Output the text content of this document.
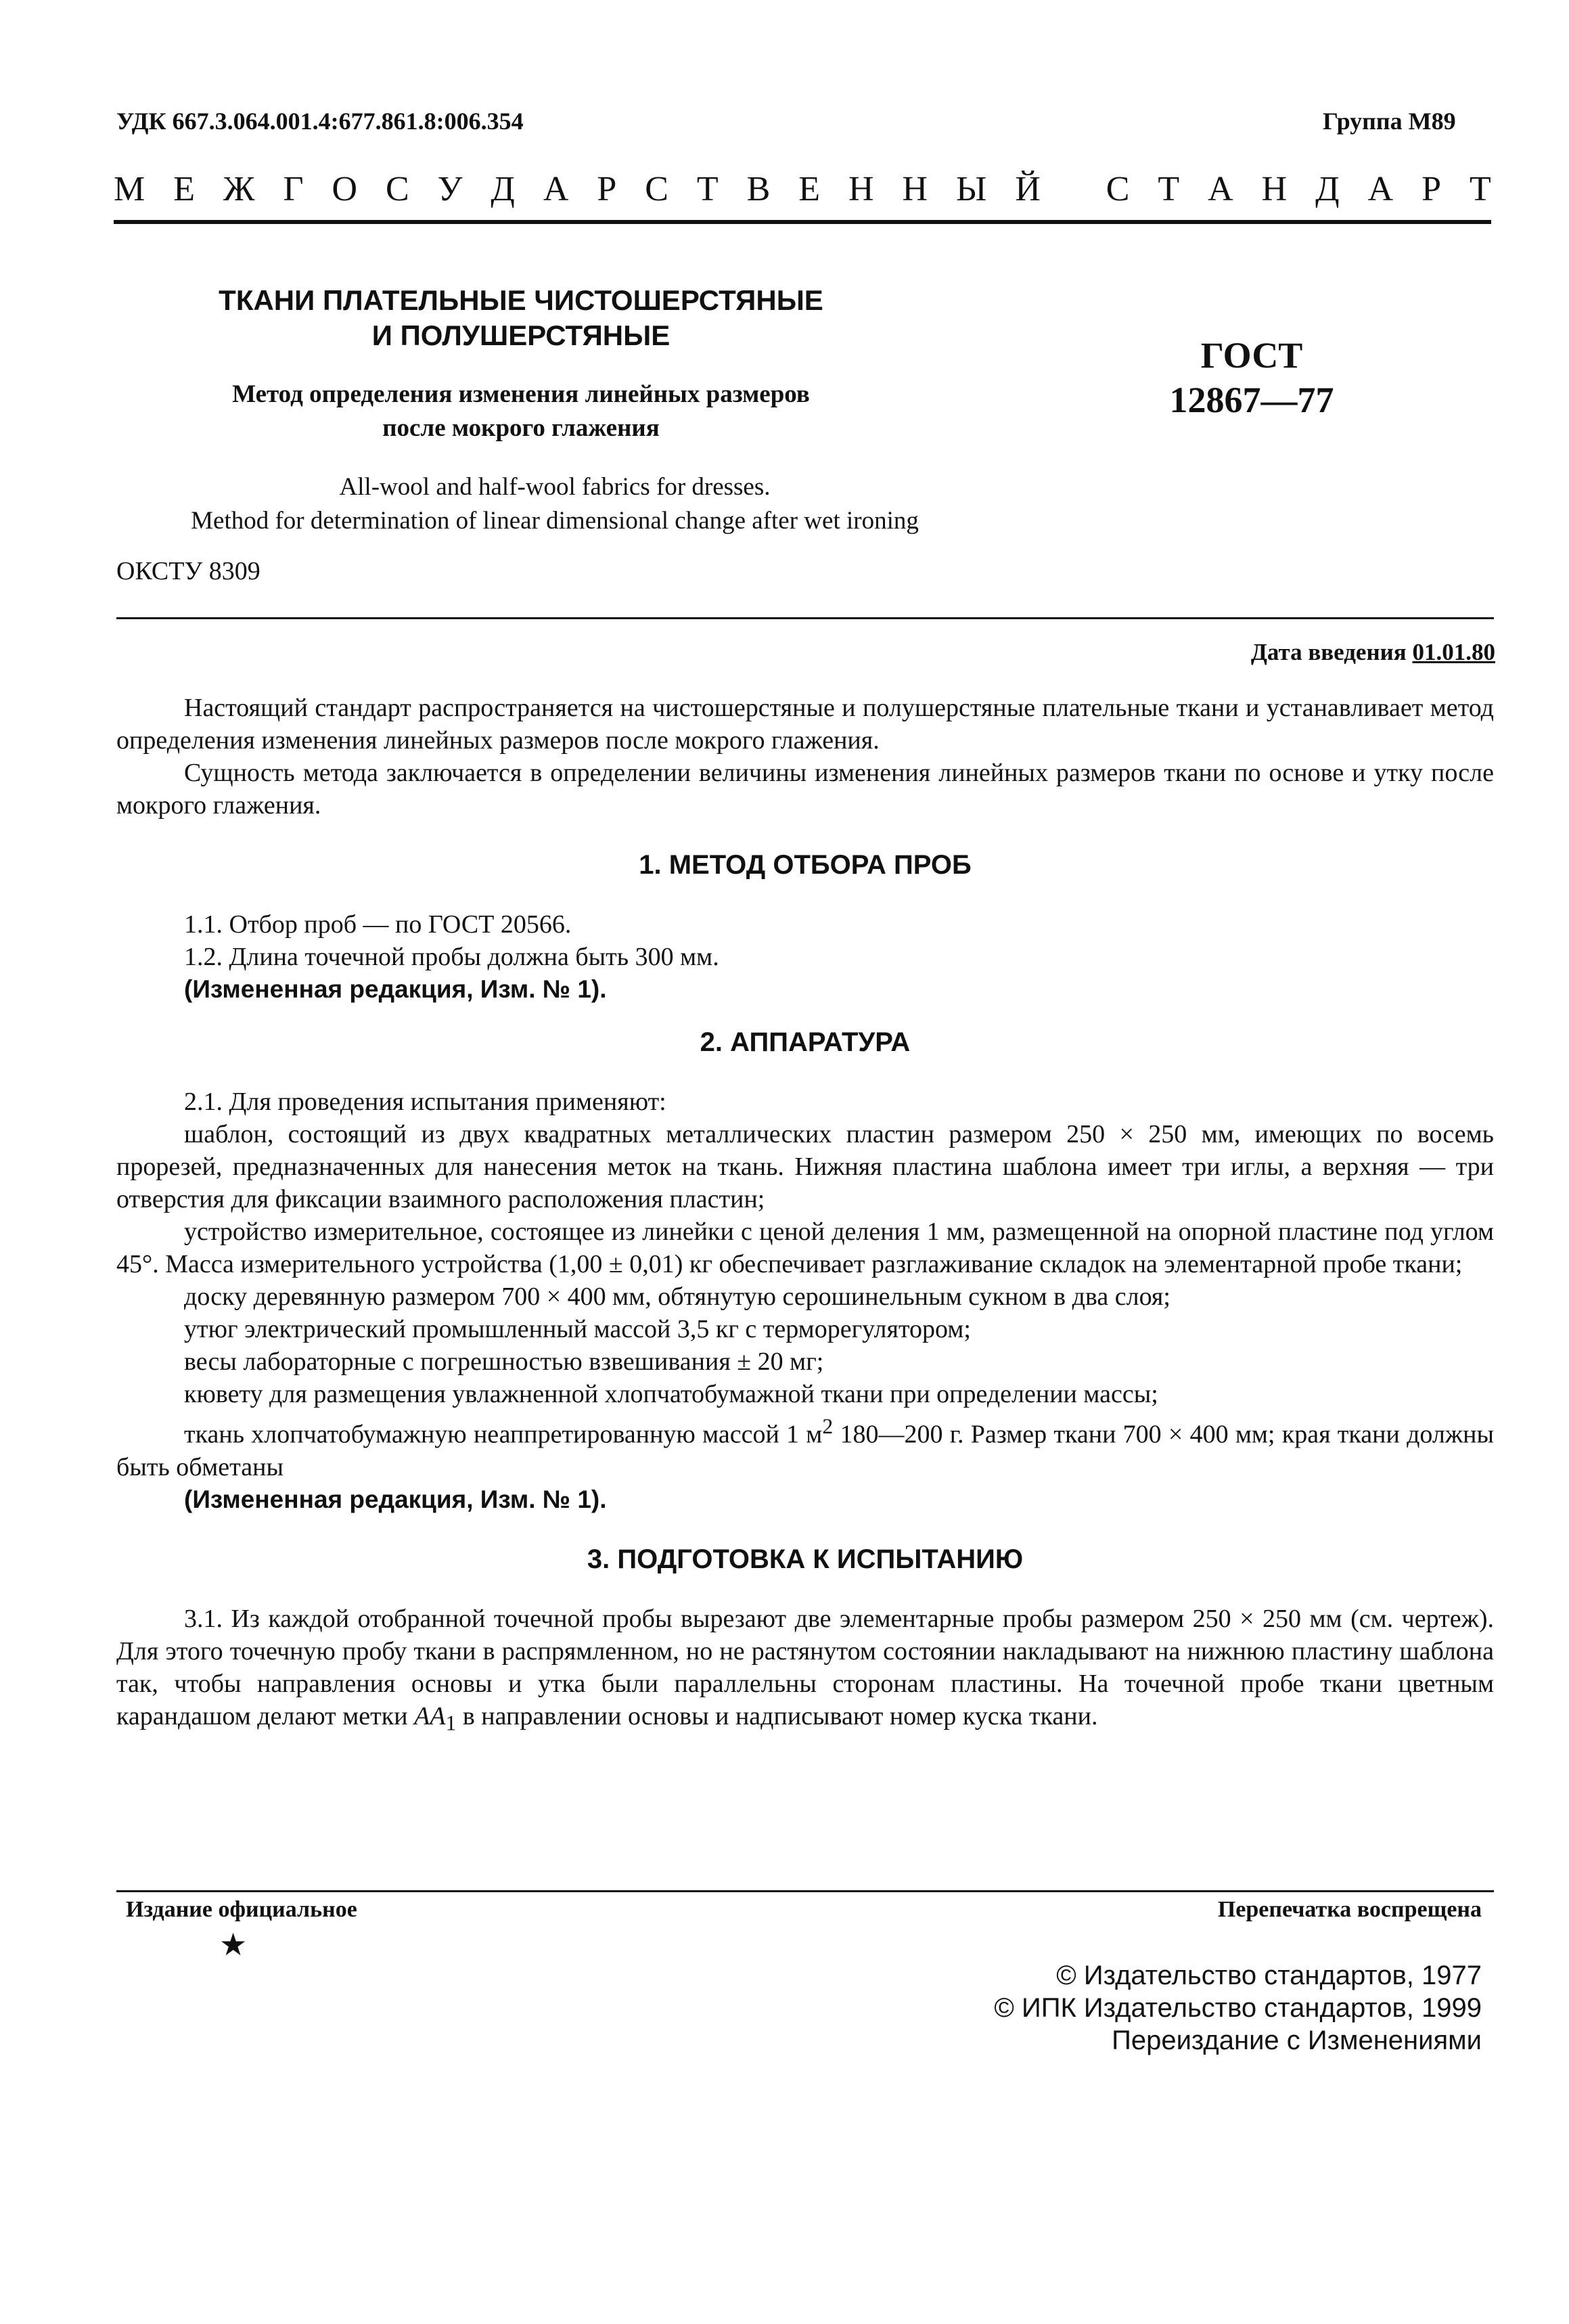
УДК 667.3.064.001.4:677.861.8:006.354	Группа М89
М Е Ж Г О С У Д А Р С Т В Е Н Н Ы Й
С Т А Н Д А Р Т
ТКАНИ ПЛАТЕЛЬНЫЕ ЧИСТОШЕРСТЯНЫЕ
И ПОЛУШЕРСТЯНЫЕ
Метод определения изменения линейных размеров
после мокрого глажения
All-wool and half-wool fabrics for dresses.
Method for determination of linear dimensional change after wet ironing
ГОСТ
12867—77
ОКСТУ 8309
Дата введения 01.01.80

Настоящий стандарт распространяется на чистошерстяные и полушерстяные плательные ткани и устанавливает метод определения изменения линейных размеров после мокрого глажения.

Сущность метода заключается в определении величины изменения линейных размеров ткани по основе и утку после мокрого глажения.

1. МЕТОД ОТБОРА ПРОБ

1.1. Отбор проб — по ГОСТ 20566.

1.2. Длина точечной пробы должна быть 300 мм.

(Измененная редакция, Изм. № 1).

2. АППАРАТУРА

2.1. Для проведения испытания применяют:

шаблон, состоящий из двух квадратных металлических пластин размером 250 × 250 мм, имеющих по восемь прорезей, предназначенных для нанесения меток на ткань. Нижняя пластина шаблона имеет три иглы, а верхняя — три отверстия для фиксации взаимного расположения пластин;

устройство измерительное, состоящее из линейки с ценой деления 1 мм, размещенной на опорной пластине под углом 45°. Масса измерительного устройства (1,00 ± 0,01) кг обеспечивает разглаживание складок на элементарной пробе ткани;

доску деревянную размером 700 × 400 мм, обтянутую серошинельным сукном в два слоя;

утюг электрический промышленный массой 3,5 кг с терморегулятором;

весы лабораторные с погрешностью взвешивания ± 20 мг;

кювету для размещения увлажненной хлопчатобумажной ткани при определении массы;

ткань хлопчатобумажную неаппретированную массой 1 $м^2$ 180—200 г. Размер ткани 700 × 400 мм; края ткани должны быть обметаны

(Измененная редакция, Изм. № 1).

3. ПОДГОТОВКА К ИСПЫТАНИЮ

3.1. Из каждой отобранной точечной пробы вырезают две элементарные пробы размером 250 × 250 мм (см. чертеж). Для этого точечную пробу ткани в распрямленном, но не растянутом состоянии накладывают на нижнюю пластину шаблона так, чтобы направления основы и утка были параллельны сторонам пластины. На точечной пробе ткани цветным карандашом делают метки $AA_1$ в направлении основы и надписывают номер куска ткани.

Издание официальное	Перепечатка воспрещена
★
© Издательство стандартов, 1977
© ИПК Издательство стандартов, 1999
Переиздание с Изменениями
